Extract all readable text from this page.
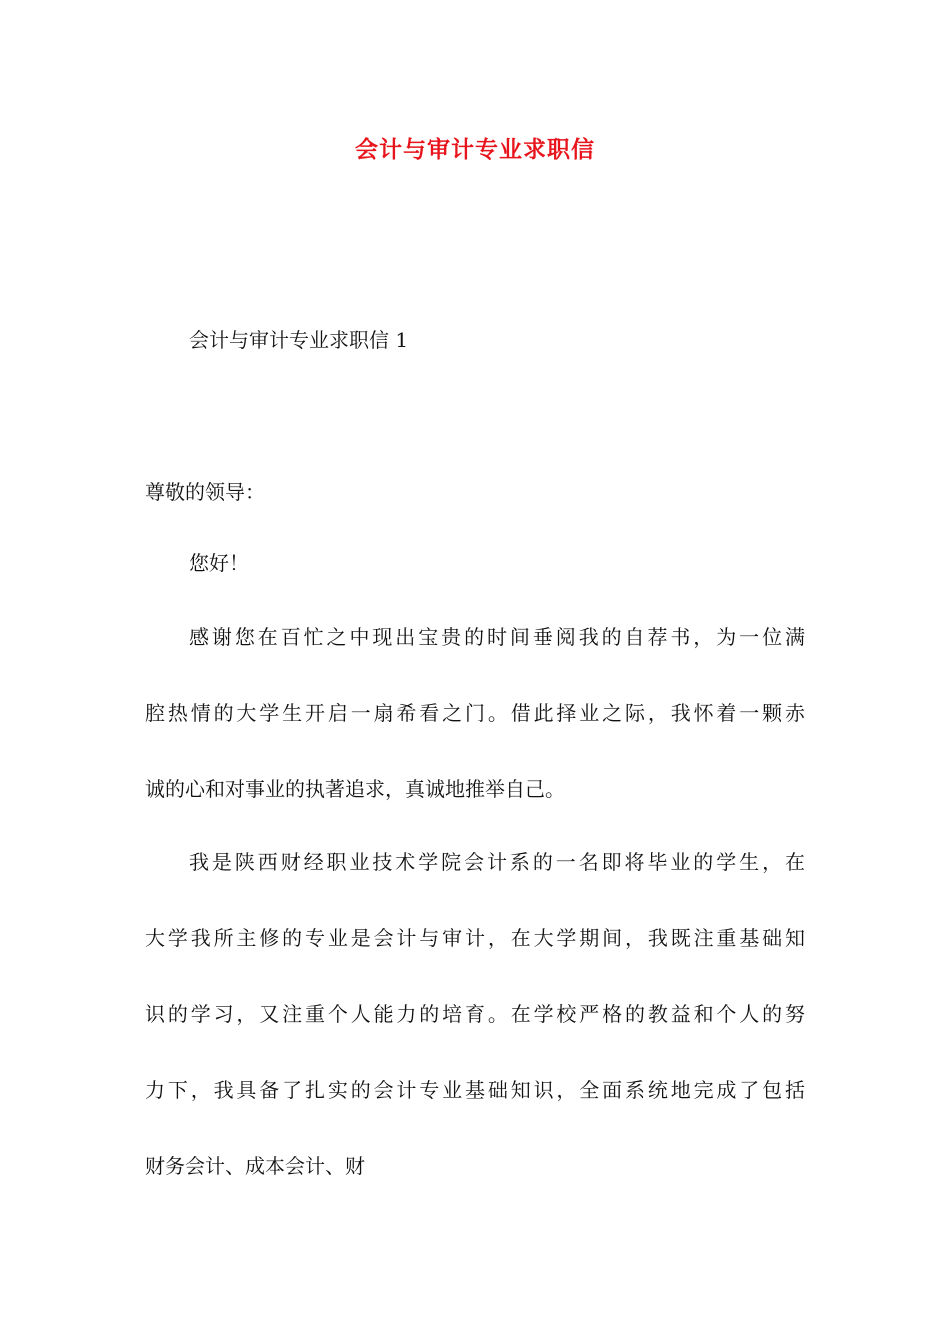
会计与审计专业求职信

会计与审计专业求职信 1

尊敬的领导：

您好！

感谢您在百忙之中现出宝贵的时间垂阅我的自荐书，为一位满
腔热情的大学生开启一扇希看之门。借此择业之际，我怀着一颗赤
诚的心和对事业的执著追求，真诚地推举自己。
我是陕西财经职业技术学院会计系的一名即将毕业的学生，在
大学我所主修的专业是会计与审计，在大学期间，我既注重基础知
识的学习，又注重个人能力的培育。在学校严格的教益和个人的努
力下，我具备了扎实的会计专业基础知识，全面系统地完成了包括
财务会计、成本会计、财
